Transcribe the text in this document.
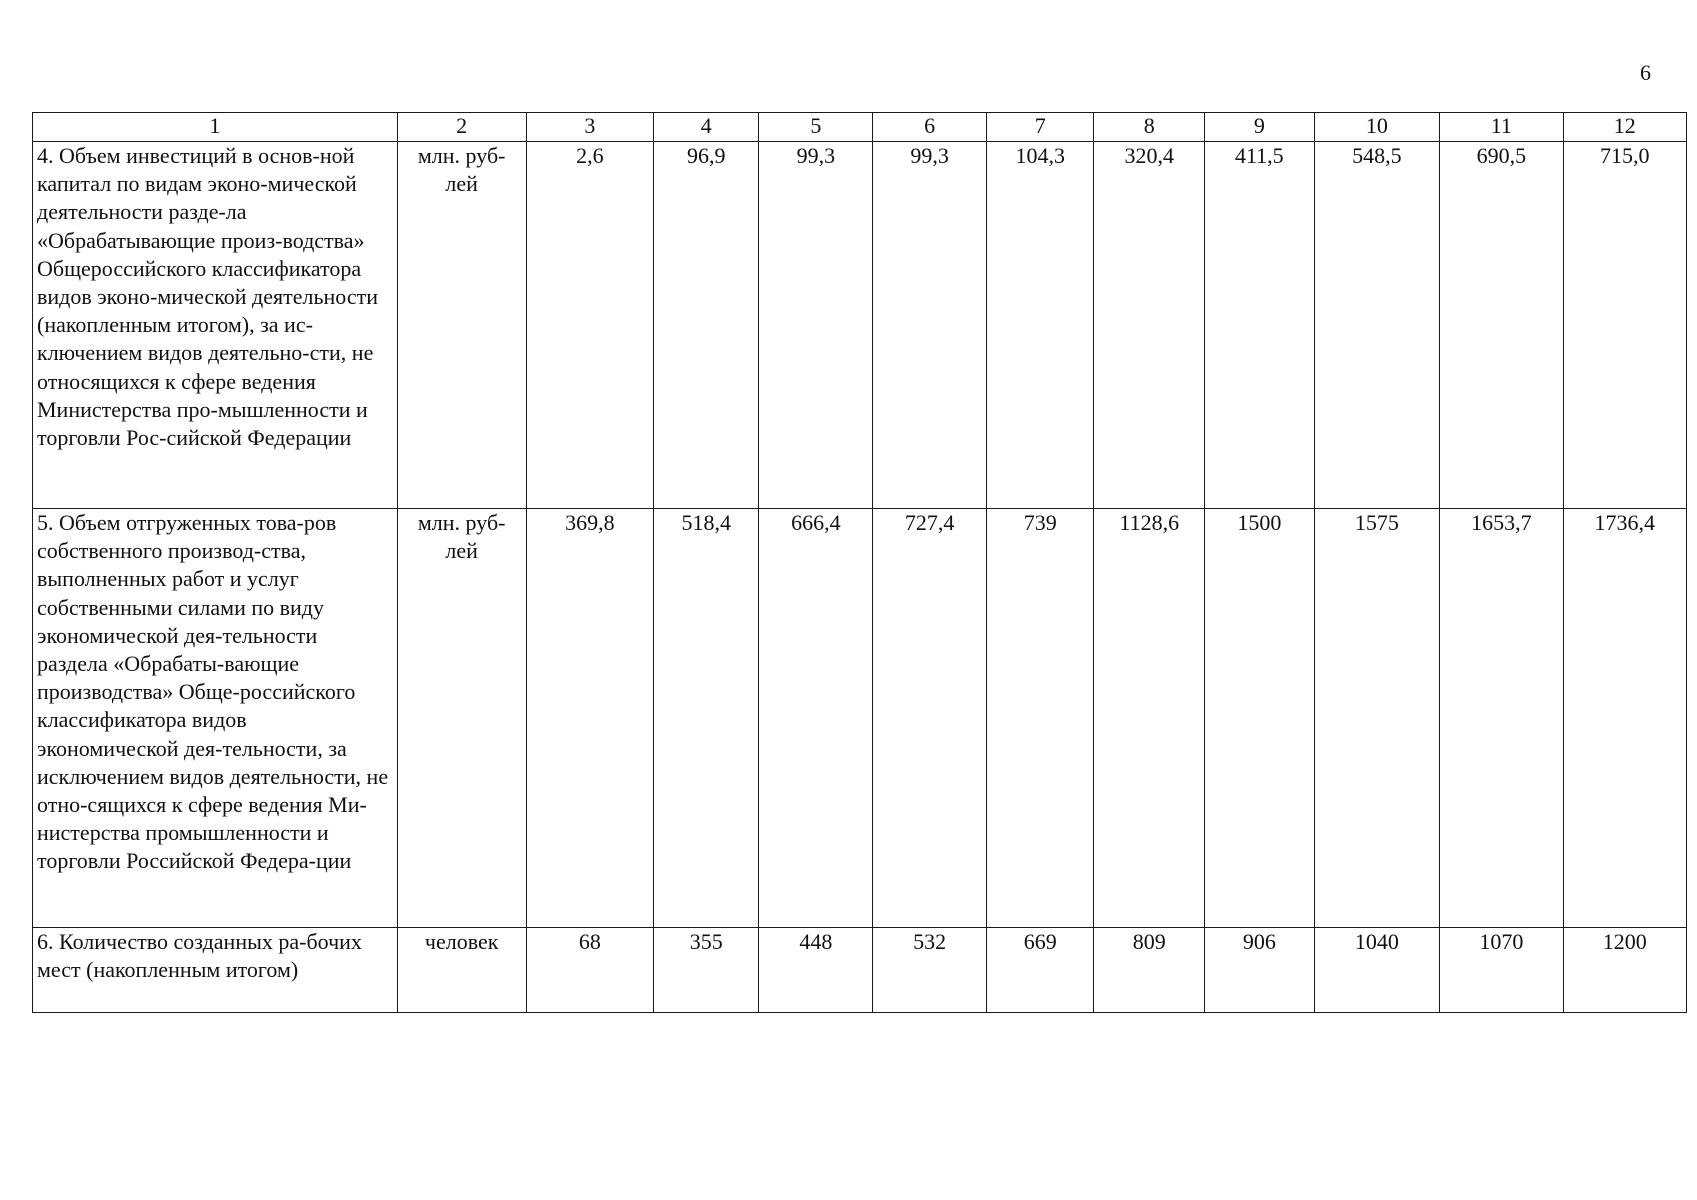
6
1	2	3	4	5	6	7	8	9	10	11	12
4. Объем инвестиций в основ-ной капитал по видам эконо-мической деятельности разде-ла «Обрабатывающие произ-водства» Общероссийского классификатора видов эконо-мической деятельности (накопленным итогом), за ис-ключением видов деятельно-сти, не относящихся к сфере ведения Министерства про-мышленности и торговли Рос-сийской Федерации	млн. руб-лей	2,6	96,9	99,3	99,3	104,3	320,4	411,5	548,5	690,5	715,0
5. Объем отгруженных това-ров собственного производ-ства, выполненных работ и услуг собственными силами по виду экономической дея-тельности раздела «Обрабаты-вающие производства» Обще-российского классификатора видов экономической дея-тельности, за исключением видов деятельности, не отно-сящихся к сфере ведения Ми-нистерства промышленности и торговли Российской Федера-ции	млн. руб-лей	369,8	518,4	666,4	727,4	739	1128,6	1500	1575	1653,7	1736,4
6. Количество созданных ра-бочих мест (накопленным итогом)	человек	68	355	448	532	669	809	906	1040	1070	1200
